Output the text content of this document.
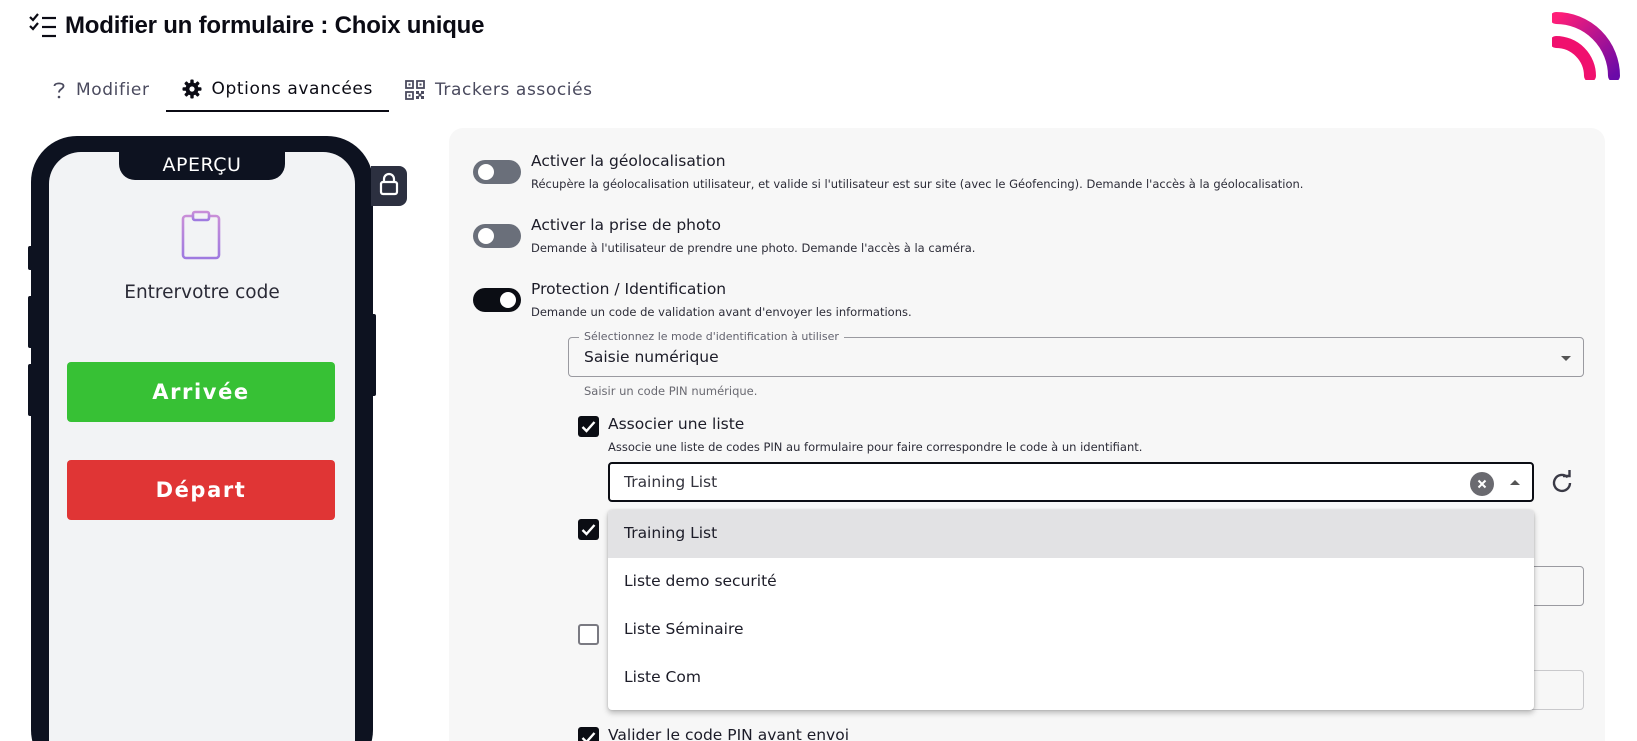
Modifier un formulaire : Choix unique
Modifier	Options avancées	Trackers associés
APERÇU
Entrervotre code
Arrivée
Départ
Activer la géolocalisation
Récupère la géolocalisation utilisateur, et valide si l'utilisateur est sur site (avec le Géofencing). Demande l'accès à la géolocalisation.
Activer la prise de photo
Demande à l'utilisateur de prendre une photo. Demande l'accès à la caméra.
Protection / Identification
Demande un code de validation avant d'envoyer les informations.
Sélectionnez le mode d'identification à utiliser
Saisie numérique
Saisir un code PIN numérique.
Associer une liste
Associe une liste de codes PIN au formulaire pour faire correspondre le code à un identifiant.
Training List
Valider le code PIN avant envoi
Training List
Liste demo securité
Liste Séminaire
Liste Com
